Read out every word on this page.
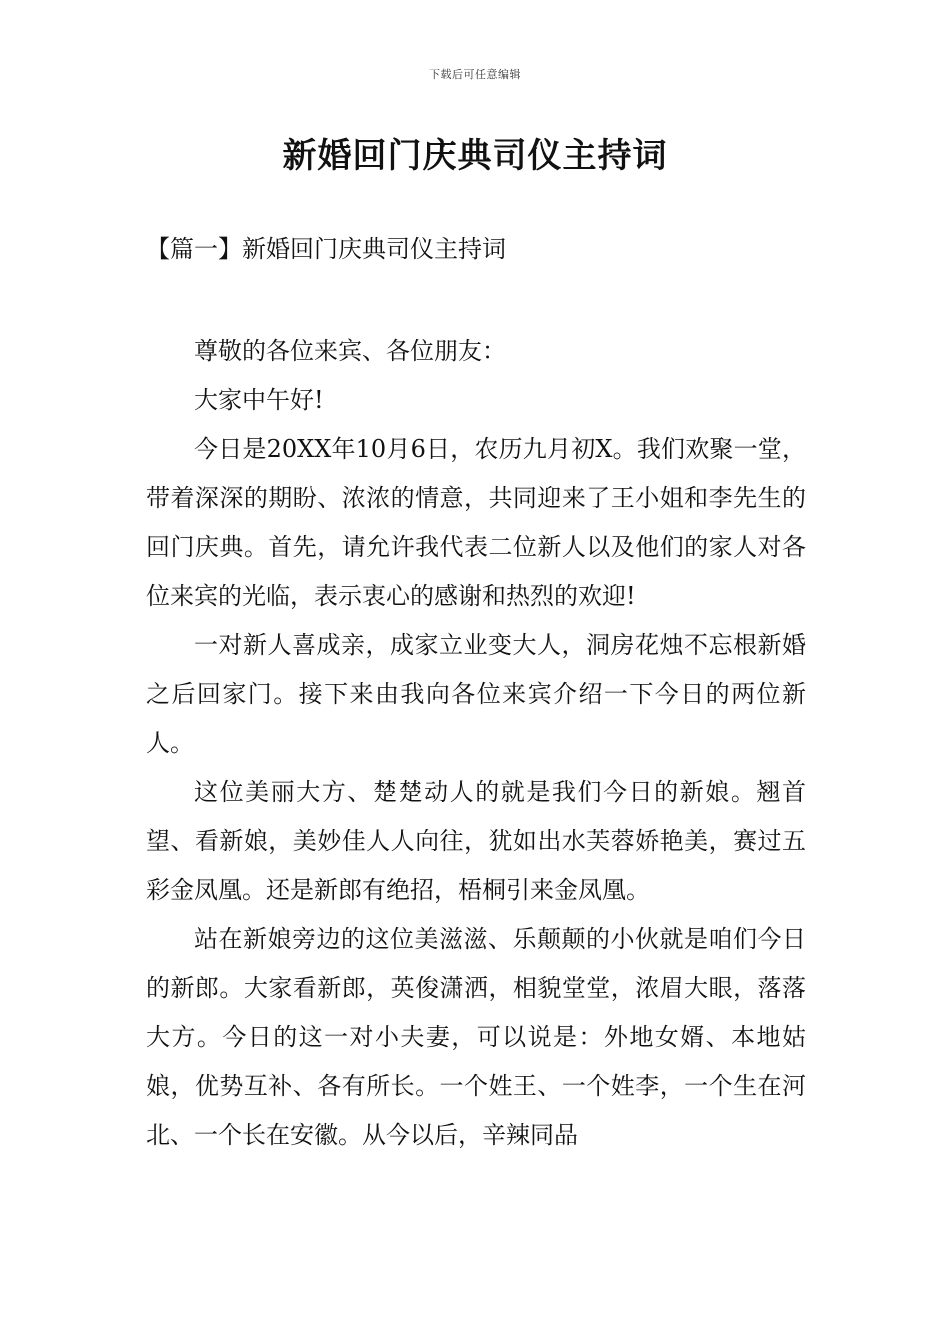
下载后可任意编辑
新婚回门庆典司仪主持词
【篇一】新婚回门庆典司仪主持词

尊敬的各位来宾、各位朋友：

大家中午好!

今日是20XX年10月6日，农历九月初X。我们欢聚一堂，带着深深的期盼、浓浓的情意，共同迎来了王小姐和李先生的回门庆典。首先，请允许我代表二位新人以及他们的家人对各位来宾的光临，表示衷心的感谢和热烈的欢迎!

一对新人喜成亲，成家立业变大人，洞房花烛不忘根新婚之后回家门。接下来由我向各位来宾介绍一下今日的两位新人。

这位美丽大方、楚楚动人的就是我们今日的新娘。翘首望、看新娘，美妙佳人人向往，犹如出水芙蓉娇艳美，赛过五彩金凤凰。还是新郎有绝招，梧桐引来金凤凰。

站在新娘旁边的这位美滋滋、乐颠颠的小伙就是咱们今日的新郎。大家看新郎，英俊潇洒，相貌堂堂，浓眉大眼，落落大方。今日的这一对小夫妻，可以说是：外地女婿、本地姑娘，优势互补、各有所长。一个姓王、一个姓李，一个生在河北、一个长在安徽。从今以后，辛辣同品
